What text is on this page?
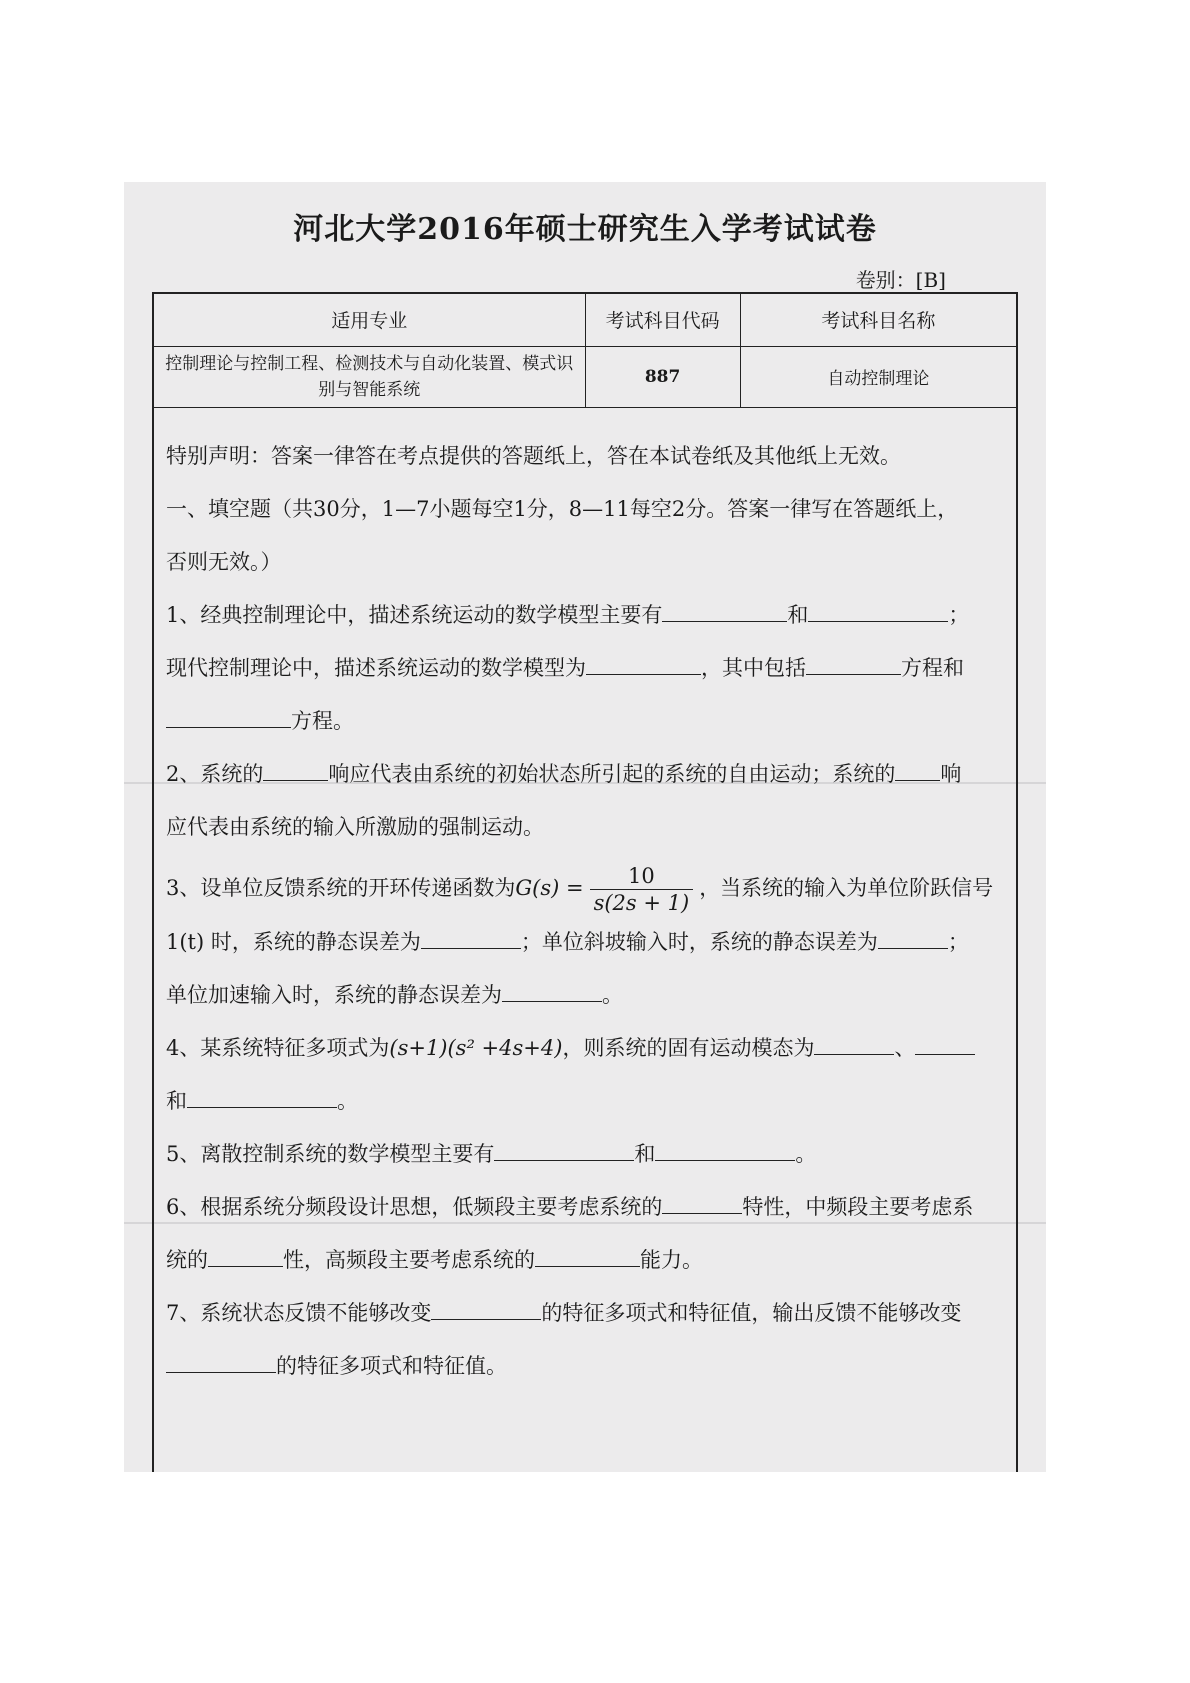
河北大学2016年硕士研究生入学考试试卷
卷别：[B]
适用专业	考试科目代码	考试科目名称
控制理论与控制工程、检测技术与自动化装置、模式识别与智能系统	887	自动控制理论

特别声明：答案一律答在考点提供的答题纸上，答在本试卷纸及其他纸上无效。

一、填空题（共30分，1—7小题每空1分，8—11每空2分。答案一律写在答题纸上，

否则无效。）

1、经典控制理论中，描述系统运动的数学模型主要有	和	；

现代控制理论中，描述系统运动的数学模型为	，其中包括	方程和

方程。

2、系统的	响应代表由系统的初始状态所引起的系统的自由运动；系统的 响

应代表由系统的输入所激励的强制运动。

3、设单位反馈系统的开环传递函数为$G(s) = \frac{10}{s(2s + 1)}$ ，当系统的输入为单位阶跃信号

1(t) 时，系统的静态误差为	；单位斜坡输入时，系统的静态误差为	；

单位加速输入时，系统的静态误差为	。

4、某系统特征多项式为(s+1)(s² +4s+4)，则系统的固有运动模态为	、

和	。

5、离散控制系统的数学模型主要有	和	。

6、根据系统分频段设计思想，低频段主要考虑系统的	特性，中频段主要考虑系

统的	性，高频段主要考虑系统的	能力。

7、系统状态反馈不能够改变	的特征多项式和特征值，输出反馈不能够改变

的特征多项式和特征值。
